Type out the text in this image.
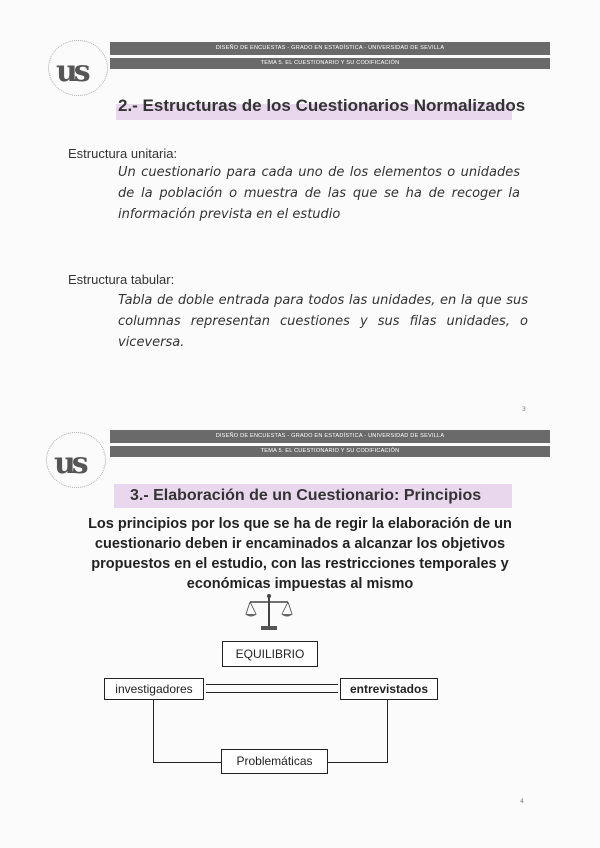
us
DISEÑO DE ENCUESTAS - GRADO EN ESTADÍSTICA - UNIVERSIDAD DE SEVILLA
TEMA 5. EL CUESTIONARIO Y SU CODIFICACIÓN
2.- Estructuras de los Cuestionarios Normalizados
Estructura unitaria:
Un cuestionario para cada uno de los elementos o unidades de la población o muestra de las que se ha de recoger la información prevista en el estudio
Estructura tabular:
Tabla de doble entrada para todos las unidades, en la que sus columnas representan cuestiones y sus filas unidades, o viceversa.
3
us
DISEÑO DE ENCUESTAS - GRADO EN ESTADÍSTICA - UNIVERSIDAD DE SEVILLA
TEMA 5. EL CUESTIONARIO Y SU CODIFICACIÓN
3.- Elaboración de un Cuestionario: Principios
Los principios por los que se ha de regir la elaboración de un cuestionario deben ir encaminados a alcanzar los objetivos propuestos en el estudio, con las restricciones temporales y económicas impuestas al mismo
EQUILIBRIO
investigadores	entrevistados
Problemáticas
4
